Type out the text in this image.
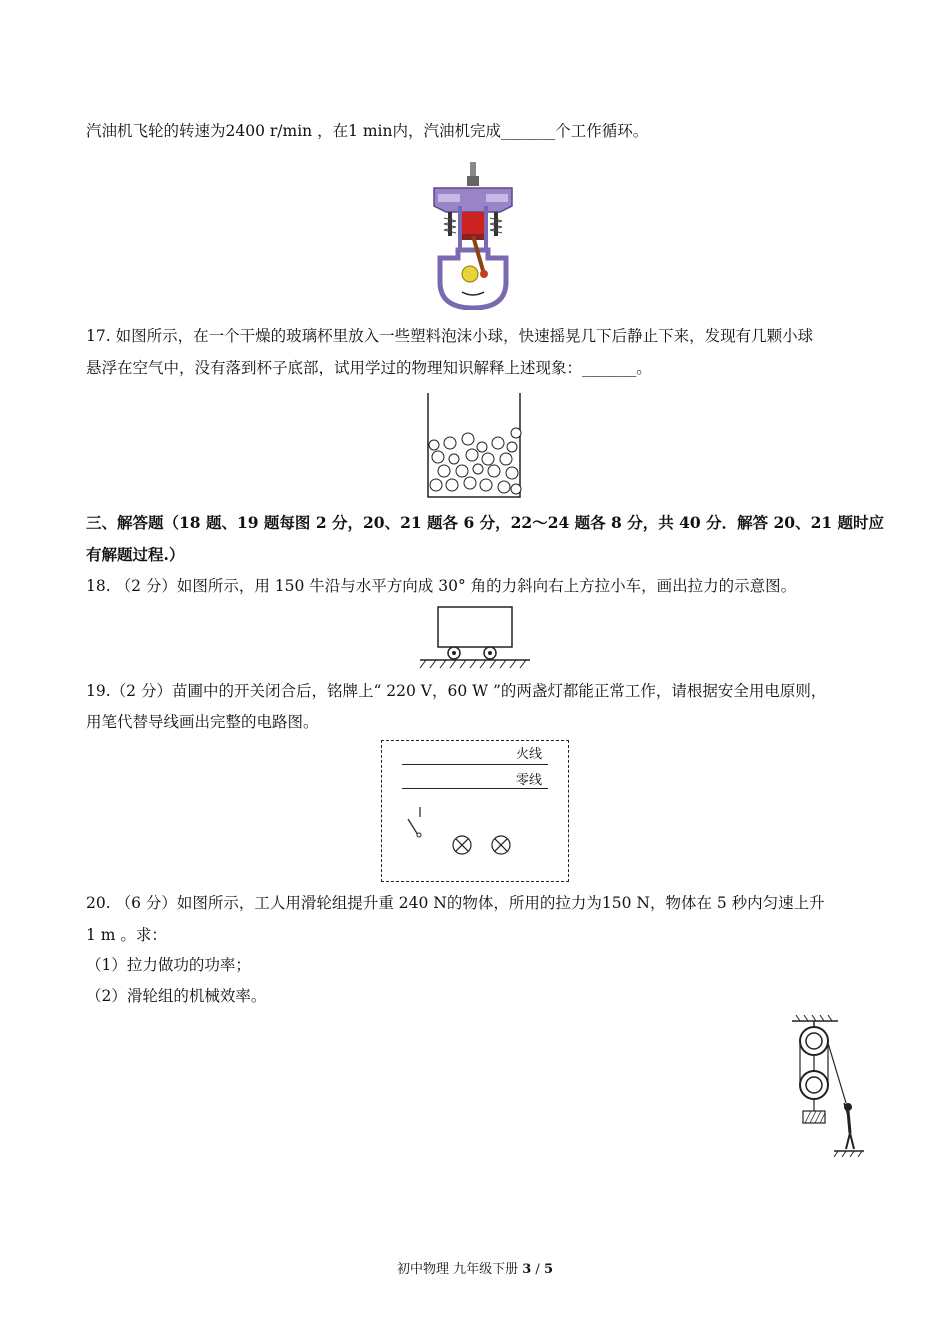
汽油机飞轮的转速为2400 r/min ，在1 min内，汽油机完成_______个工作循环。
17. 如图所示，在一个干燥的玻璃杯里放入一些塑料泡沫小球，快速摇晃几下后静止下来，发现有几颗小球
悬浮在空气中，没有落到杯子底部，试用学过的物理知识解释上述现象：_______。
三、解答题（18 题、19 题每图 2 分，20、21 题各 6 分，22～24 题各 8 分，共 40 分．解答 20、21 题时应
有解题过程.）
18. （2 分）如图所示，用 150 牛沿与水平方向成 30° 角的力斜向右上方拉小车，画出拉力的示意图。
19.（2 分）苗圃中的开关闭合后，铭牌上“ 220 V，60 W ”的两盏灯都能正常工作，请根据安全用电原则，
用笔代替导线画出完整的电路图。
火线
零线
20. （6 分）如图所示，工人用滑轮组提升重 240 N的物体，所用的拉力为150 N，物体在 5 秒内匀速上升
1 m 。求：
（1）拉力做功的功率；
（2）滑轮组的机械效率。
初中物理 九年级下册 3 / 5
